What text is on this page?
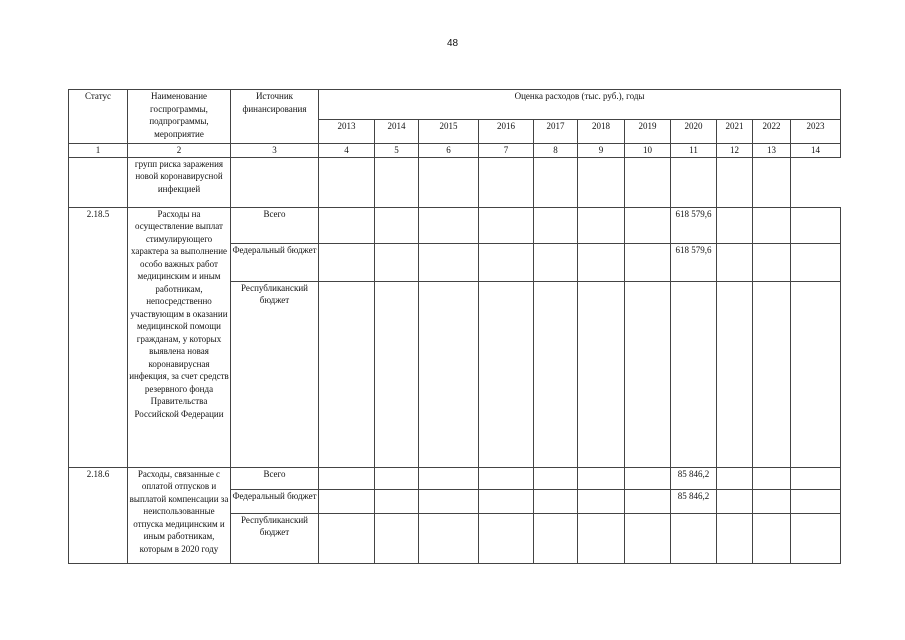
48
Статус	Наименование госпрограммы, подпрограммы, мероприятие	Источник финансирования	Оценка расходов (тыс. руб.), годы										
			2013	2014	2015	2016	2017	2018	2019	2020	2021	2022	2023
1	2	3	4	5	6	7	8	9	10	11	12	13	14
	групп риска заражения новой коронавирусной инфекцией												
2.18.5	Расходы на осуществление выплат стимулирующего характера за выполнение особо важных работ медицинским и иным работникам, непосредственно участвующим в оказании медицинской помощи гражданам, у которых выявлена новая коронавирусная инфекция, за счет средств резервного фонда Правительства Российской Федерации	Всего								618 579,6			
		Федеральный бюджет								618 579,6			
		Республиканский бюджет											
2.18.6	Расходы, связанные с оплатой отпусков и выплатой компенсации за неиспользованные отпуска медицинским и иным работникам, которым в 2020 году	Всего								85 846,2			
		Федеральный бюджет								85 846,2			
		Республиканский бюджет											
